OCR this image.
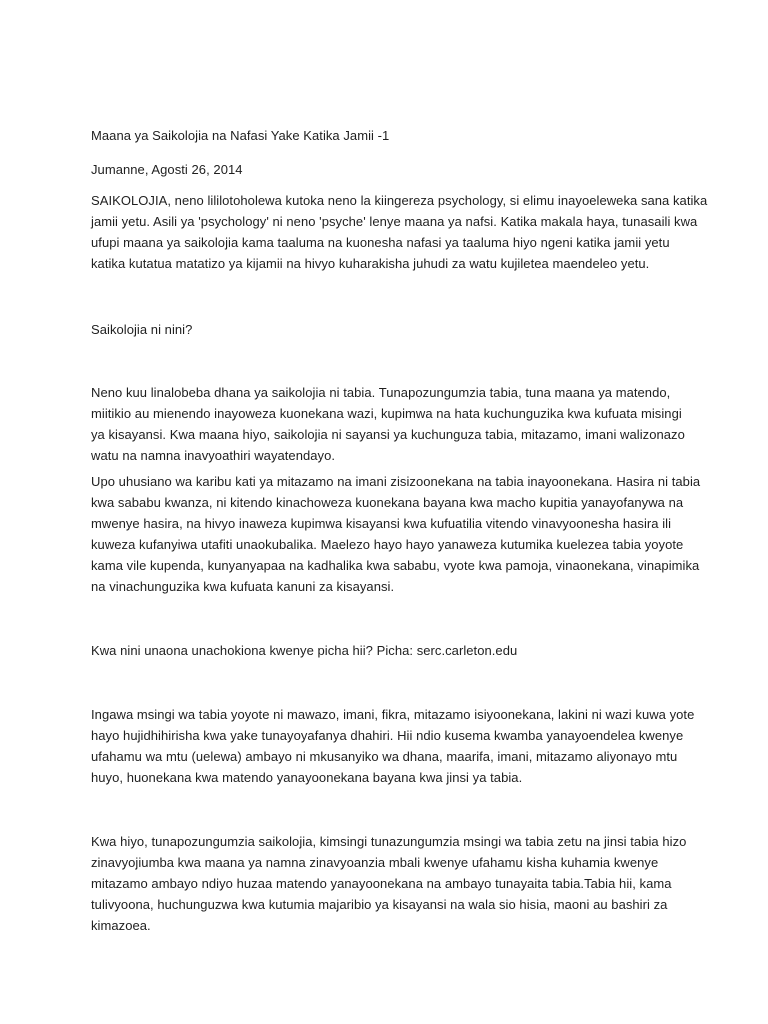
Maana ya Saikolojia na Nafasi Yake Katika Jamii -1

Jumanne, Agosti 26, 2014

SAIKOLOJIA, neno lililotoholewa kutoka neno la kiingereza psychology, si elimu inayoeleweka sana katika
jamii yetu. Asili ya 'psychology' ni neno 'psyche' lenye maana ya nafsi. Katika makala haya, tunasaili kwa
ufupi maana ya saikolojia kama taaluma na kuonesha nafasi ya taaluma hiyo ngeni katika jamii yetu
katika kutatua matatizo ya kijamii na hivyo kuharakisha juhudi za watu kujiletea maendeleo yetu.

Saikolojia ni nini?

Neno kuu linalobeba dhana ya saikolojia ni tabia. Tunapozungumzia tabia, tuna maana ya matendo,
miitikio au mienendo inayoweza kuonekana wazi, kupimwa na hata kuchunguzika kwa kufuata misingi
ya kisayansi. Kwa maana hiyo, saikolojia ni sayansi ya kuchunguza tabia, mitazamo, imani walizonazo
watu na namna inavyoathiri wayatendayo.

Upo uhusiano wa karibu kati ya mitazamo na imani zisizoonekana na tabia inayoonekana. Hasira ni tabia
kwa sababu kwanza, ni kitendo kinachoweza kuonekana bayana kwa macho kupitia yanayofanywa na
mwenye hasira, na hivyo inaweza kupimwa kisayansi kwa kufuatilia vitendo vinavyoonesha hasira ili
kuweza kufanyiwa utafiti unaokubalika. Maelezo hayo hayo yanaweza kutumika kuelezea tabia yoyote
kama vile kupenda, kunyanyapaa na kadhalika kwa sababu, vyote kwa pamoja, vinaonekana, vinapimika
na vinachunguzika kwa kufuata kanuni za kisayansi.

Kwa nini unaona unachokiona kwenye picha hii? Picha: serc.carleton.edu

Ingawa msingi wa tabia yoyote ni mawazo, imani, fikra, mitazamo isiyoonekana, lakini ni wazi kuwa yote
hayo hujidhihirisha kwa yake tunayoyafanya dhahiri. Hii ndio kusema kwamba yanayoendelea kwenye
ufahamu wa mtu (uelewa) ambayo ni mkusanyiko wa dhana, maarifa, imani, mitazamo aliyonayo mtu
huyo, huonekana kwa matendo yanayoonekana bayana kwa jinsi ya tabia.

Kwa hiyo, tunapozungumzia saikolojia, kimsingi tunazungumzia msingi wa tabia zetu na jinsi tabia hizo
zinavyojiumba kwa maana ya namna zinavyoanzia mbali kwenye ufahamu kisha kuhamia kwenye
mitazamo ambayo ndiyo huzaa matendo yanayoonekana na ambayo tunayaita tabia.Tabia hii, kama
tulivyoona, huchunguzwa kwa kutumia majaribio ya kisayansi na wala sio hisia, maoni au bashiri za
kimazoea.
